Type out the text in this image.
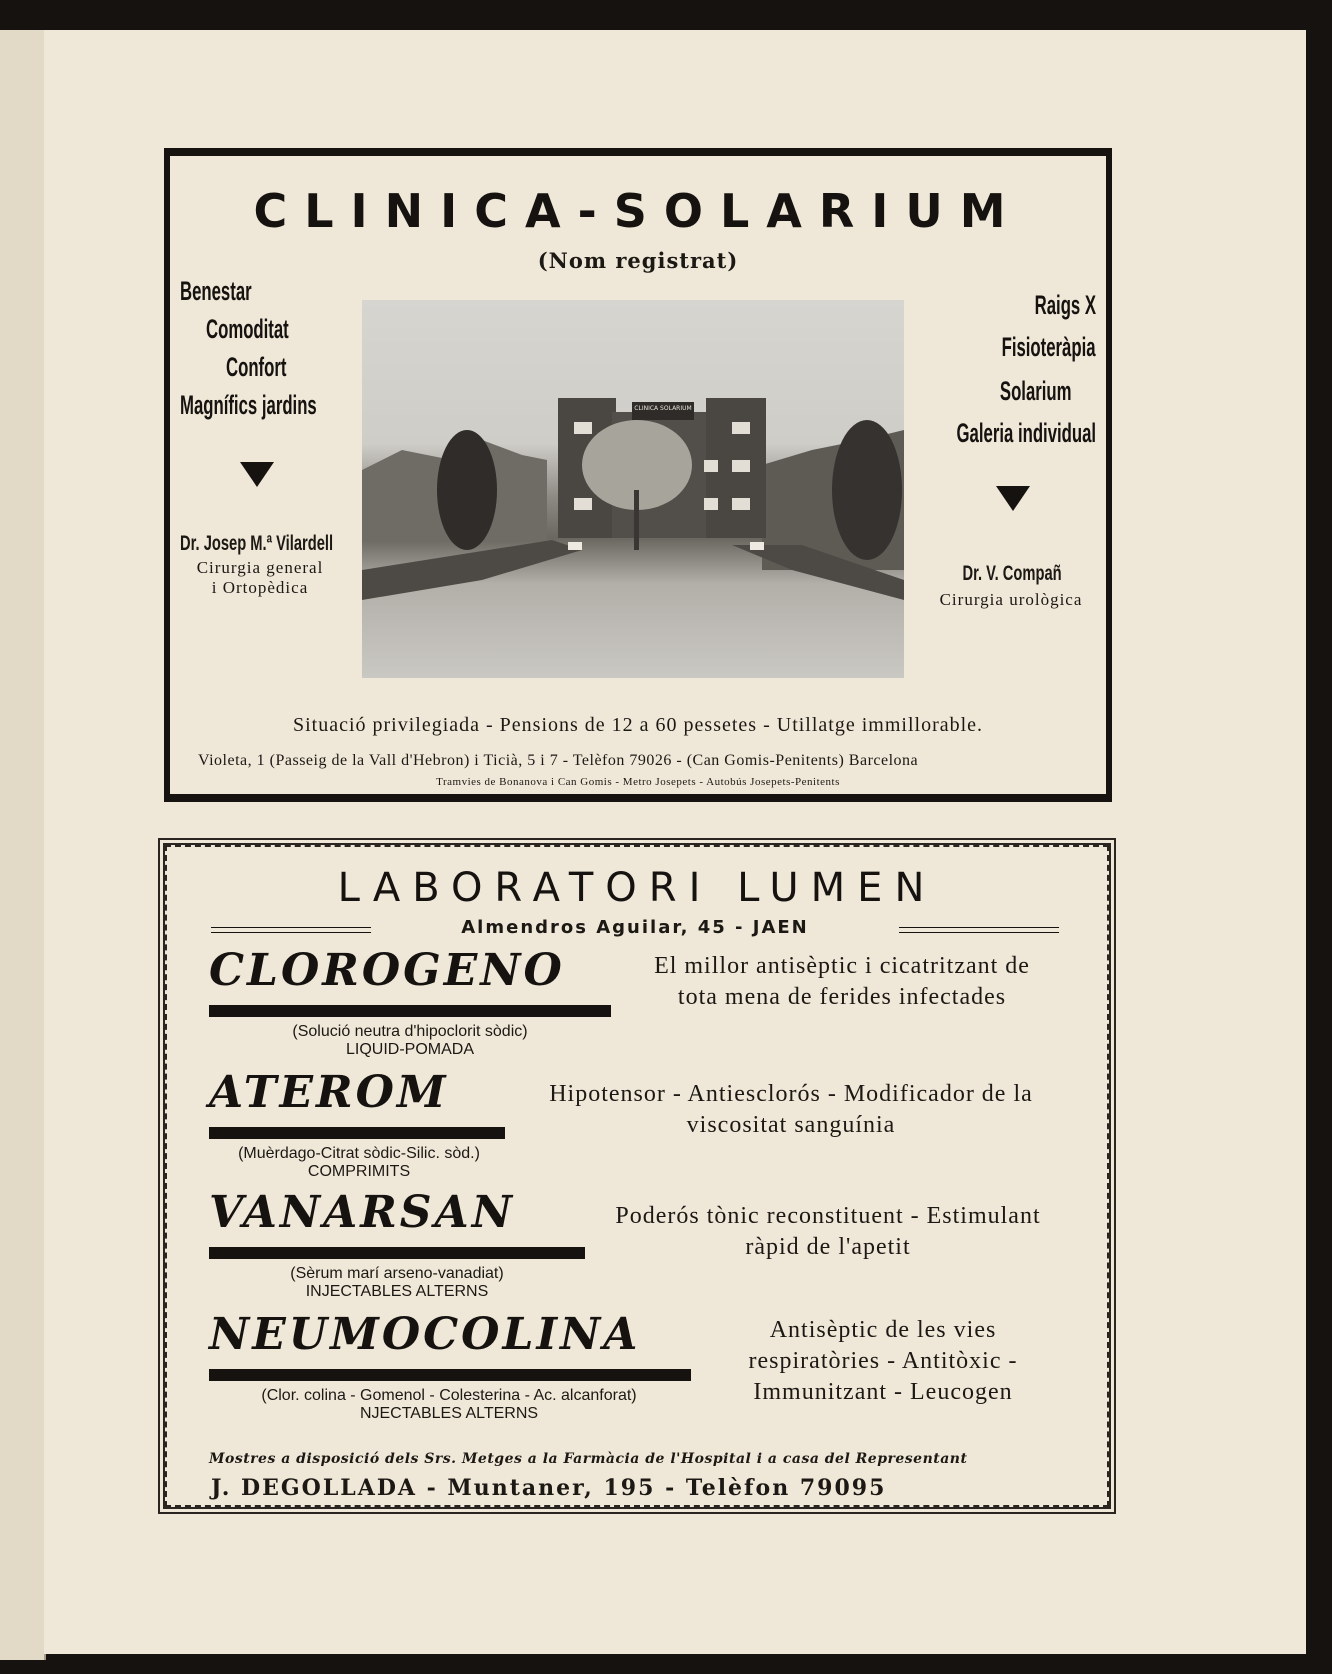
CLINICA-SOLARIUM
(Nom registrat)
Benestar
Comoditat
Confort
Magnífics jardins
Dr. Josep M.ª Vilardell
Cirurgia general
i Ortopèdica
CLINICA SOLARIUM
Raigs X
Fisioteràpia
Solarium
Galeria individual
Dr. V. Compañ
Cirurgia urològica
Situació privilegiada - Pensions de 12 a 60 pessetes - Utillatge immillorable.
Violeta, 1 (Passeig de la Vall d'Hebron) i Ticià, 5 i 7 - Telèfon 79026 - (Can Gomis-Penitents) Barcelona
Tramvies de Bonanova i Can Gomis - Metro Josepets - Autobús Josepets-Penitents
LABORATORI LUMEN
Almendros Aguilar, 45 - JAEN
CLOROGENO
(Solució neutra d'hipoclorit sòdic)
LIQUID-POMADA
El millor antisèptic i cicatritzant de tota mena de ferides infectades
ATEROM
(Muèrdago-Citrat sòdic-Silic. sòd.)
COMPRIMITS
Hipotensor - Antiesclorós - Modificador de la viscositat sanguínia
VANARSAN
(Sèrum marí arseno-vanadiat)
INJECTABLES ALTERNS
Poderós tònic reconstituent - Estimulant ràpid de l'apetit
NEUMOCOLINA
(Clor. colina - Gomenol - Colesterina - Ac. alcanforat)
NJECTABLES ALTERNS
Antisèptic de les vies respiratòries - Antitòxic - Immunitzant - Leucogen
Mostres a disposició dels Srs. Metges a la Farmàcia de l'Hospital i a casa del Representant
J. DEGOLLADA - Muntaner, 195 - Telèfon 79095
